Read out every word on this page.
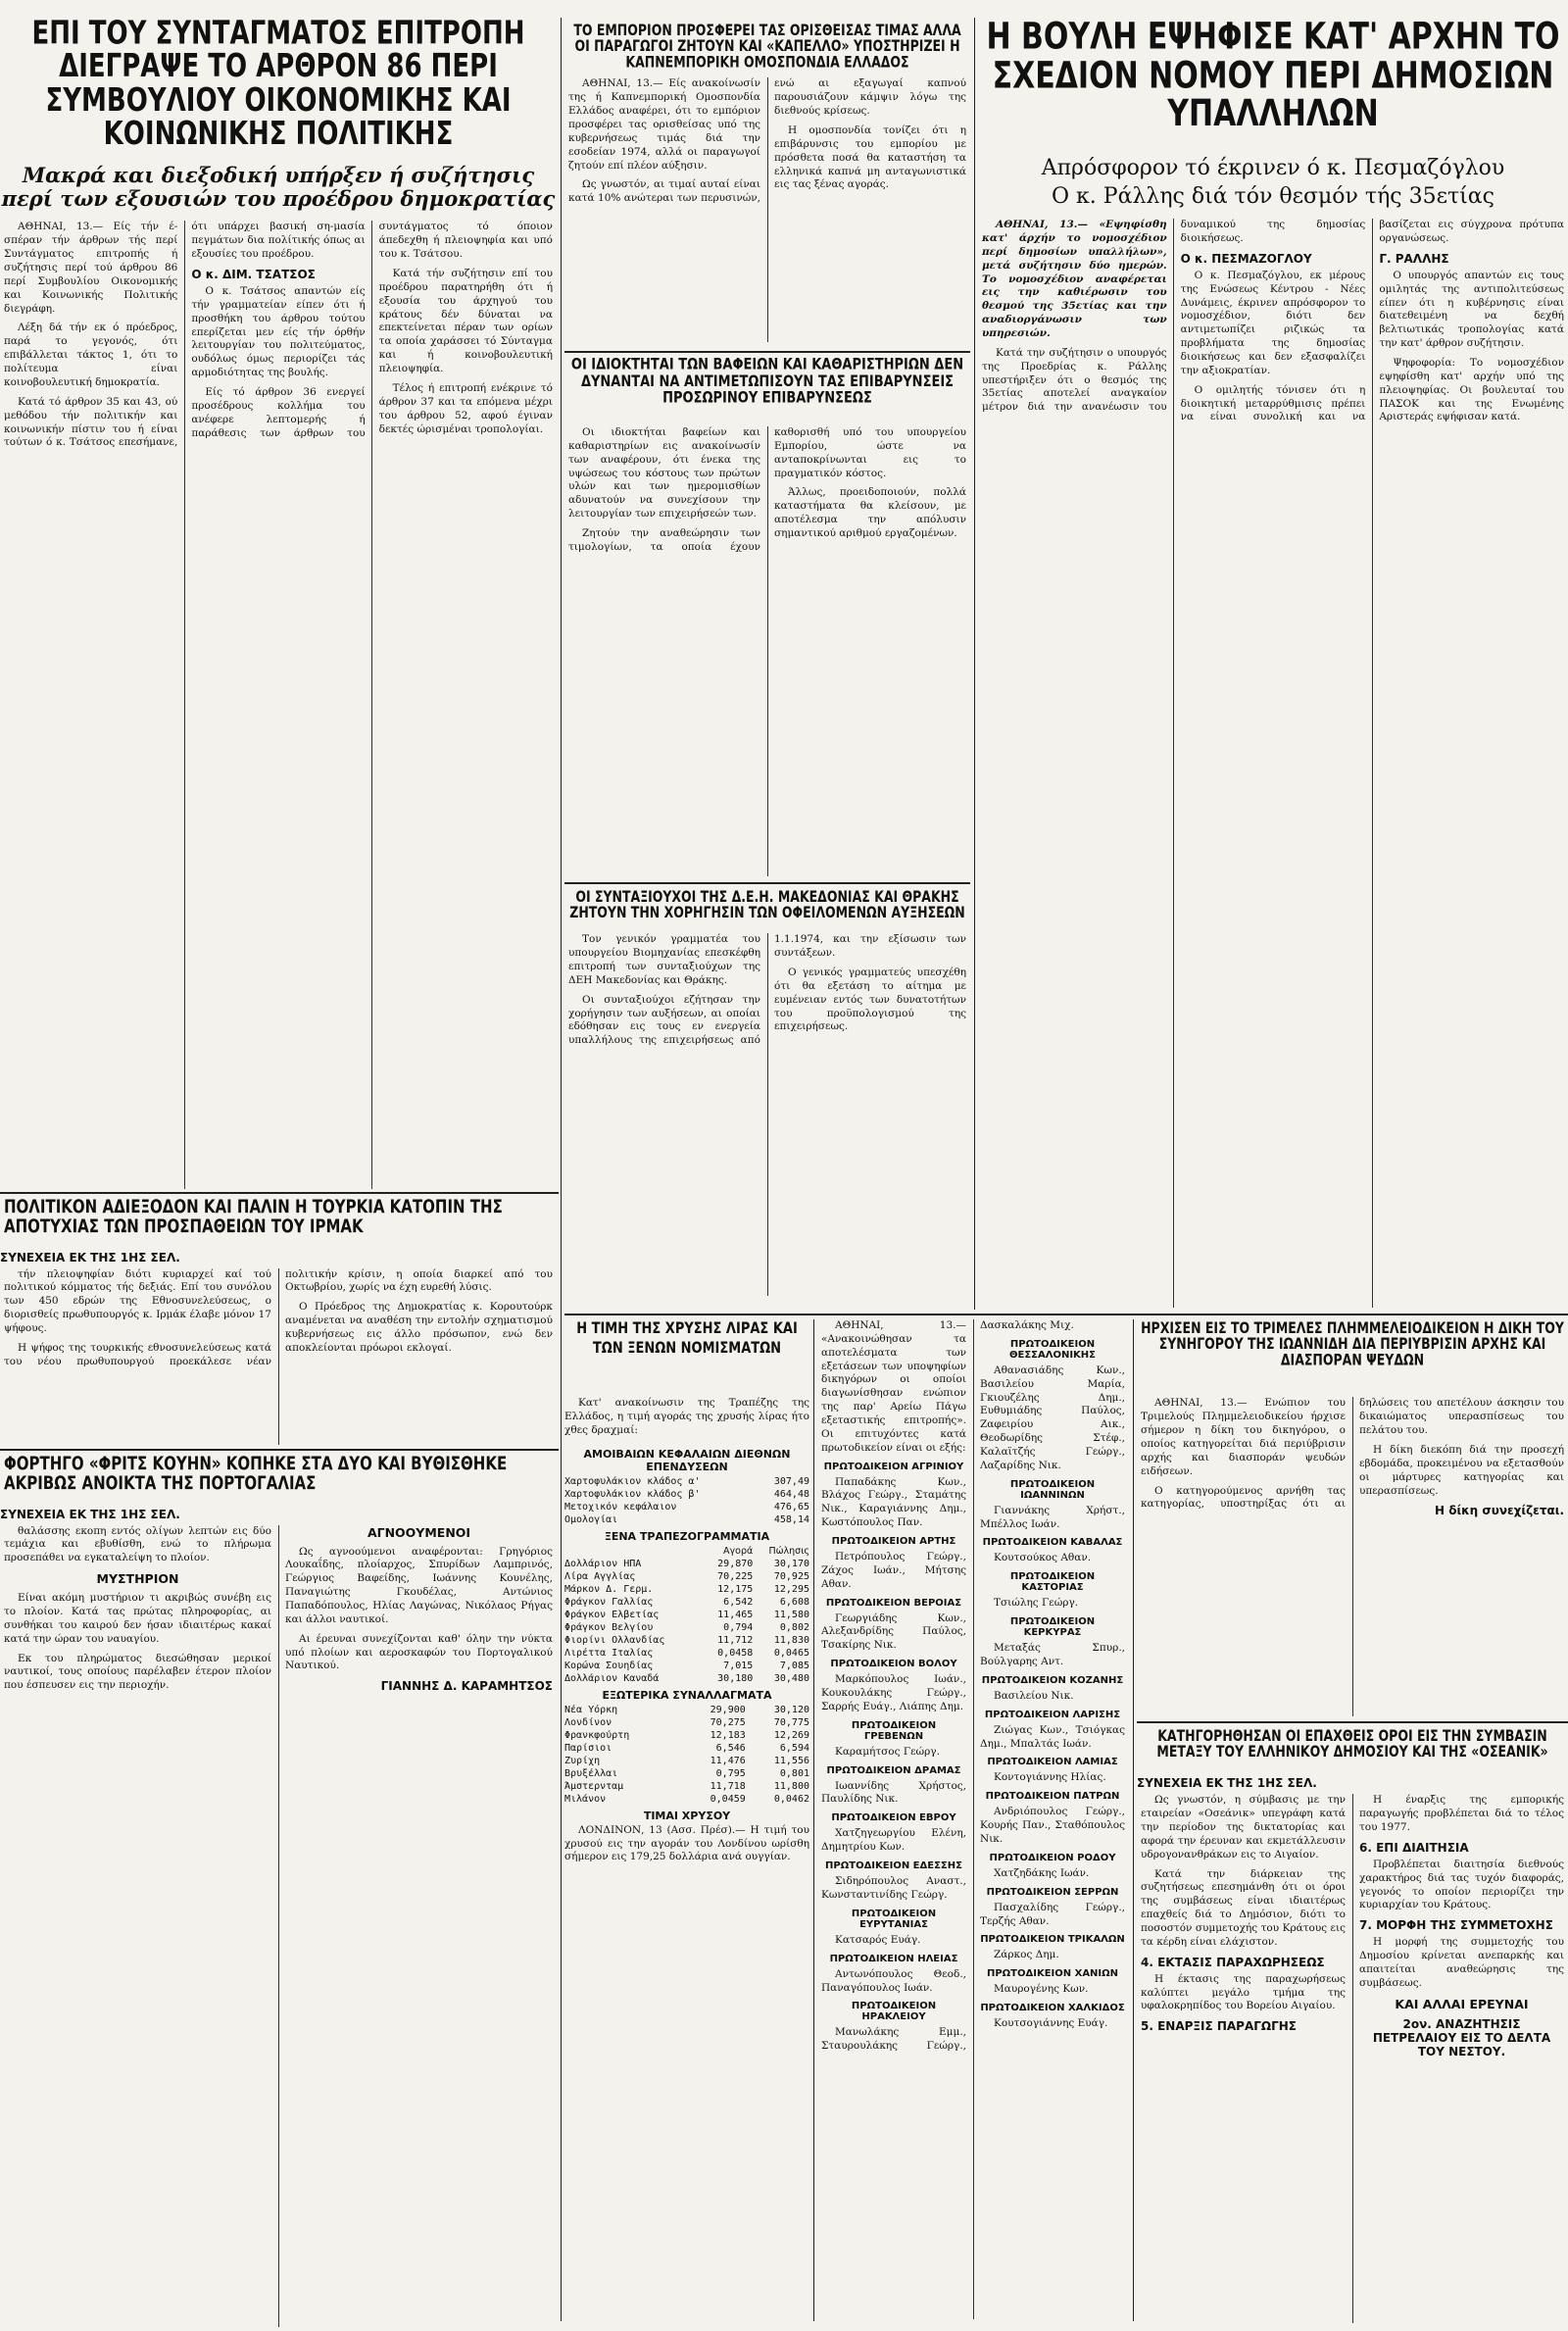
ΕΠΙ ΤΟΥ ΣΥΝΤΑΓΜΑΤΟΣ ΕΠΙΤΡΟΠΗ ΔΙΕΓΡΑΨΕ ΤΟ ΑΡΘΡΟΝ 86 ΠΕΡΙ ΣΥΜΒΟΥΛΙΟΥ ΟΙΚΟΝΟΜΙΚΗΣ ΚΑΙ ΚΟΙΝΩΝΙΚΗΣ ΠΟΛΙΤΙΚΗΣ
Μακρά και διεξοδική υπήρξεν ή συζήτησις περί των εξουσιών του προέδρου δημοκρατίας

ΑΘΗΝΑΙ, 13.— Είς τήν έ-σπέραν τήν άρθρων τής περί Συντάγματος επιτροπής ή συζήτησις περί τού άρθρου 86 περί Συμβουλίου Οικονομικής και Κοινωνικής Πολιτικής διεγράφη.

Λέξη δά τήν εκ ό πρόεδρος, παρά το γεγονός, ότι επιβάλλεται τάκτος 1, ότι το πολίτευμα είναι κοινοβουλευτική δημοκρατία.

Κατά τό άρθρον 35 και 43, ού μεθόδου τήν πολιτικήν και κοινωνικήν πίστιν του ή είναι τούτων ό κ. Τσάτσος επεσήμανε, ότι υπάρχει βασική ση-μασία πεγμάτων δια πολίτικής όπως αι εξουσίες του προέδρου.

Ο κ. ΔΙΜ. ΤΣΑΤΣΟΣ

Ο κ. Τσάτσος απαντών είς τήν γραμματείαν είπεν ότι ή προσθήκη του άρθρου τούτου επερίζεται μεν είς τήν όρθήν λειτουργίαν του πολιτεύματος, ουδόλως όμως περιορίζει τάς αρμοδιότητας της βουλής.

Είς τό άρθρον 36 ενεργεί προσέδρους κολλήμα του ανέφερε λεπτομερής ή παράθεσις των άρθρων του συντάγματος τό όποιον άπεδεχθη ή πλειοψηφία και υπό του κ. Τσάτσου.

Κατά τήν συζήτησιν επί του προέδρου παρατηρήθη ότι ή εξουσία του άρχηγού του κράτους δέν δύναται να επεκτείνεται πέραν των ορίων τα οποία χαράσσει τό Σύνταγμα και ή κοινοβουλευτική πλειοψηφία.

Τέλος ή επιτροπή ενέκρινε τό άρθρον 37 και τα επόμενα μέχρι του άρθρου 52, αφού έγιναν δεκτές ώρισμέναι τροπολογίαι.

ΠΟΛΙΤΙΚΟΝ ΑΔΙΕΞΟΔΟΝ ΚΑΙ ΠΑΛΙΝ Η ΤΟΥΡΚΙΑ ΚΑΤΟΠΙΝ ΤΗΣ ΑΠΟΤΥΧΙΑΣ ΤΩΝ ΠΡΟΣΠΑΘΕΙΩΝ ΤΟΥ ΙΡΜΑΚ
ΣΥΝΕΧΕΙΑ ΕΚ ΤΗΣ 1ΗΣ ΣΕΛ.

τήν πλειοψηφίαν διότι κυριαρχεί καί τού πολιτικού κόμματος τής δεξιάς. Επί του συνόλου των 450 εδρών της Εθνοσυνελεύσεως, ο διορισθείς πρωθυπουργός κ. Ιρμάκ έλαβε μόνον 17 ψήφους.

Η ψήφος της τουρκικής εθνοσυνελεύσεως κατά του νέου πρωθυπουργού προεκάλεσε νέαν πολιτικήν κρίσιν, η οποία διαρκεί από του Οκτωβρίου, χωρίς να έχη ευρεθή λύσις.

Ο Πρόεδρος της Δημοκρατίας κ. Κορουτούρκ αναμένεται να αναθέση την εντολήν σχηματισμού κυβερνήσεως εις άλλο πρόσωπον, ενώ δεν αποκλείονται πρόωροι εκλογαί.

ΦΟΡΤΗΓΟ «ΦΡΙΤΣ ΚΟΥΗΝ» ΚΟΠΗΚΕ ΣΤΑ ΔΥΟ ΚΑΙ ΒΥΘΙΣΘΗΚΕ ΑΚΡΙΒΩΣ ΑΝΟΙΚΤΑ ΤΗΣ ΠΟΡΤΟΓΑΛΙΑΣ
ΣΥΝΕΧΕΙΑ ΕΚ ΤΗΣ 1ΗΣ ΣΕΛ.

θαλάσσης εκοπη εντός ολίγων λεπτών εις δύο τεμάχια και εβυθίσθη, ενώ το πλήρωμα προσεπάθει να εγκαταλείψη το πλοίον.

ΜΥΣΤΗΡΙΟΝ

Είναι ακόμη μυστήριον τι ακριβώς συνέβη εις το πλοίον. Κατά τας πρώτας πληροφορίας, αι συνθήκαι του καιρού δεν ήσαν ιδιαιτέρως κακαί κατά την ώραν του ναυαγίου.

Εκ του πληρώματος διεσώθησαν μερικοί ναυτικοί, τους οποίους παρέλαβεν έτερον πλοίον που έσπευσεν εις την περιοχήν.

ΑΓΝΟΟΥΜΕΝΟΙ

Ως αγνοούμενοι αναφέρονται: Γρηγόριος Λουκαΐδης, πλοίαρχος, Σπυρίδων Λαμπρινός, Γεώργιος Βαφείδης, Ιωάννης Κουνέλης, Παναγιώτης Γκουδέλας, Αντώνιος Παπαδόπουλος, Ηλίας Λαγώνας, Νικόλαος Ρήγας και άλλοι ναυτικοί.

Αι έρευναι συνεχίζονται καθ' όλην την νύκτα υπό πλοίων και αεροσκαφών του Πορτογαλικού Ναυτικού.

ΓΙΑΝΝΗΣ Δ. ΚΑΡΑΜΗΤΣΟΣ
ΤΟ ΕΜΠΟΡΙΟΝ ΠΡΟΣΦΕΡΕΙ ΤΑΣ ΟΡΙΣΘΕΙΣΑΣ ΤΙΜΑΣ ΑΛΛΑ ΟΙ ΠΑΡΑΓΩΓΟΙ ΖΗΤΟΥΝ ΚΑΙ «ΚΑΠΕΛΛΟ» ΥΠΟΣΤΗΡΙΖΕΙ Η ΚΑΠΝΕΜΠΟΡΙΚΗ ΟΜΟΣΠΟΝΔΙΑ ΕΛΛΑΔΟΣ

ΑΘΗΝΑΙ, 13.— Είς ανακοίνωσίν της ή Καπνεμπορική Ομοσπονδία Ελλάδος αναφέρει, ότι το εμπόριον προσφέρει τας ορισθείσας υπό της κυβερνήσεως τιμάς διά την εσοδείαν 1974, αλλά οι παραγωγοί ζητούν επί πλέον αύξησιν.

Ως γνωστόν, αι τιμαί αυταί είναι κατά 10% ανώτεραι των περυσινών, ενώ αι εξαγωγαί καπνού παρουσιάζουν κάμψιν λόγω της διεθνούς κρίσεως.

Η ομοσπονδία τονίζει ότι η επιβάρυνσις του εμπορίου με πρόσθετα ποσά θα καταστήση τα ελληνικά καπνά μη ανταγωνιστικά εις τας ξένας αγοράς.

ΟΙ ΙΔΙΟΚΤΗΤΑΙ ΤΩΝ ΒΑΦΕΙΩΝ ΚΑΙ ΚΑΘΑΡΙΣΤΗΡΙΩΝ ΔΕΝ ΔΥΝΑΝΤΑΙ ΝΑ ΑΝΤΙΜΕΤΩΠΙΣΟΥΝ ΤΑΣ ΕΠΙΒΑΡΥΝΣΕΙΣ ΠΡΟΣΩΡΙΝΟΥ ΕΠΙΒΑΡΥΝΣΕΩΣ

Οι ιδιοκτήται βαφείων και καθαριστηρίων εις ανακοίνωσίν των αναφέρουν, ότι ένεκα της υψώσεως του κόστους των πρώτων υλών και των ημερομισθίων αδυνατούν να συνεχίσουν την λειτουργίαν των επιχειρήσεών των.

Ζητούν την αναθεώρησιν των τιμολογίων, τα οποία έχουν καθορισθή υπό του υπουργείου Εμπορίου, ώστε να ανταποκρίνωνται εις το πραγματικόν κόστος.

Άλλως, προειδοποιούν, πολλά καταστήματα θα κλείσουν, με αποτέλεσμα την απόλυσιν σημαντικού αριθμού εργαζομένων.

ΟΙ ΣΥΝΤΑΞΙΟΥΧΟΙ ΤΗΣ Δ.Ε.Η. ΜΑΚΕΔΟΝΙΑΣ ΚΑΙ ΘΡΑΚΗΣ ΖΗΤΟΥΝ ΤΗΝ ΧΟΡΗΓΗΣΙΝ ΤΩΝ ΟΦΕΙΛΟΜΕΝΩΝ ΑΥΞΗΣΕΩΝ

Τον γενικόν γραμματέα του υπουργείου Βιομηχανίας επεσκέφθη επιτροπή των συνταξιούχων της ΔΕΗ Μακεδονίας και Θράκης.

Οι συνταξιούχοι εζήτησαν την χορήγησιν των αυξήσεων, αι οποίαι εδόθησαν εις τους εν ενεργεία υπαλλήλους της επιχειρήσεως από 1.1.1974, και την εξίσωσιν των συντάξεων.

Ο γενικός γραμματεύς υπεσχέθη ότι θα εξετάση το αίτημα με ευμένειαν εντός των δυνατοτήτων του προϋπολογισμού της επιχειρήσεως.

Η ΤΙΜΗ ΤΗΣ ΧΡΥΣΗΣ ΛΙΡΑΣ ΚΑΙ ΤΩΝ ΞΕΝΩΝ ΝΟΜΙΣΜΑΤΩΝ

Κατ' ανακοίνωσιν της Τραπέζης της Ελλάδος, η τιμή αγοράς της χρυσής λίρας ήτο χθες δραχμαί:

ΑΜΟΙΒΑΙΩΝ ΚΕΦΑΛΑΙΩΝ ΔΙΕΘΝΩΝ ΕΠΕΝΔΥΣΕΩΝ
Χαρτοφυλάκιον κλάδος α'	307,49
Χαρτοφυλάκιον κλάδος β'	464,48
Μετοχικόν κεφάλαιον	476,65
Ομολογίαι	458,14
ΞΕΝΑ ΤΡΑΠΕΖΟΓΡΑΜΜΑΤΙΑ
	Αγορά	Πώλησις
Δολλάριον ΗΠΑ	29,870	30,170
Λίρα Αγγλίας	70,225	70,925
Μάρκον Δ. Γερμ.	12,175	12,295
Φράγκον Γαλλίας	6,542	6,608
Φράγκον Ελβετίας	11,465	11,580
Φράγκον Βελγίου	0,794	0,802
Φιορίνι Ολλανδίας	11,712	11,830
Λιρέττα Ιταλίας	0,0458	0,0465
Κορώνα Σουηδίας	7,015	7,085
Δολλάριον Καναδά	30,180	30,480
ΕΞΩΤΕΡΙΚΑ ΣΥΝΑΛΛΑΓΜΑΤΑ
Νέα Υόρκη	29,900	30,120
Λονδίνον	70,275	70,775
Φρανκφούρτη	12,183	12,269
Παρίσιοι	6,546	6,594
Ζυρίχη	11,476	11,556
Βρυξέλλαι	0,795	0,801
Άμστερνταμ	11,718	11,800
Μιλάνον	0,0459	0,0462
ΤΙΜΑΙ ΧΡΥΣΟΥ

ΛΟΝΔΙΝΟΝ, 13 (Ασσ. Πρέσ).— Η τιμή του χρυσού εις την αγοράν του Λονδίνου ωρίσθη σήμερον εις 179,25 δολλάρια ανά ουγγίαν.

ΑΘΗΝΑΙ, 13.— «Ανακοινώθησαν τα αποτελέσματα των εξετάσεων των υποψηφίων δικηγόρων οι οποίοι διαγωνίσθησαν ενώπιον της παρ' Αρείω Πάγω εξεταστικής επιτροπής». Οι επιτυχόντες κατά πρωτοδικείον είναι οι εξής:

ΠΡΩΤΟΔΙΚΕΙΟΝ ΑΓΡΙΝΙΟΥ

Παπαδάκης Κων., Βλάχος Γεώργ., Σταμάτης Νικ., Καραγιάννης Δημ., Κωστόπουλος Παν.

ΠΡΩΤΟΔΙΚΕΙΟΝ ΑΡΤΗΣ

Πετρόπουλος Γεώργ., Ζάχος Ιωάν., Μήτσης Αθαν.

ΠΡΩΤΟΔΙΚΕΙΟΝ ΒΕΡΟΙΑΣ

Γεωργιάδης Κων., Αλεξανδρίδης Παύλος, Τσακίρης Νικ.

ΠΡΩΤΟΔΙΚΕΙΟΝ ΒΟΛΟΥ

Μαρκόπουλος Ιωάν., Κουκουλάκης Γεώργ., Σαρρής Ευάγ., Λιάπης Δημ.

ΠΡΩΤΟΔΙΚΕΙΟΝ ΓΡΕΒΕΝΩΝ

Καραμήτσος Γεώργ.

ΠΡΩΤΟΔΙΚΕΙΟΝ ΔΡΑΜΑΣ

Ιωαννίδης Χρήστος, Παυλίδης Νικ.

ΠΡΩΤΟΔΙΚΕΙΟΝ ΕΒΡΟΥ

Χατζηγεωργίου Ελένη, Δημητρίου Κων.

ΠΡΩΤΟΔΙΚΕΙΟΝ ΕΔΕΣΣΗΣ

Σιδηρόπουλος Αναστ., Κωνσταντινίδης Γεώργ.

ΠΡΩΤΟΔΙΚΕΙΟΝ ΕΥΡΥΤΑΝΙΑΣ

Κατσαρός Ευάγ.

ΠΡΩΤΟΔΙΚΕΙΟΝ ΗΛΕΙΑΣ

Αντωνόπουλος Θεοδ., Παναγόπουλος Ιωάν.

ΠΡΩΤΟΔΙΚΕΙΟΝ ΗΡΑΚΛΕΙΟΥ

Μανωλάκης Εμμ., Σταυρουλάκης Γεώργ., Δασκαλάκης Μιχ.

ΠΡΩΤΟΔΙΚΕΙΟΝ ΘΕΣΣΑΛΟΝΙΚΗΣ

Αθανασιάδης Κων., Βασιλείου Μαρία, Γκιουζέλης Δημ., Ευθυμιάδης Παύλος, Ζαφειρίου Αικ., Θεοδωρίδης Στέφ., Καλαϊτζής Γεώργ., Λαζαρίδης Νικ.

ΠΡΩΤΟΔΙΚΕΙΟΝ ΙΩΑΝΝΙΝΩΝ

Γιαννάκης Χρήστ., Μπέλλος Ιωάν.

ΠΡΩΤΟΔΙΚΕΙΟΝ ΚΑΒΑΛΑΣ

Κουτσούκος Αθαν.

ΠΡΩΤΟΔΙΚΕΙΟΝ ΚΑΣΤΟΡΙΑΣ

Τσιώλης Γεώργ.

ΠΡΩΤΟΔΙΚΕΙΟΝ ΚΕΡΚΥΡΑΣ

Μεταξάς Σπυρ., Βούλγαρης Αντ.

ΠΡΩΤΟΔΙΚΕΙΟΝ ΚΟΖΑΝΗΣ

Βασιλείου Νικ.

ΠΡΩΤΟΔΙΚΕΙΟΝ ΛΑΡΙΣΗΣ

Ζιώγας Κων., Τσιόγκας Δημ., Μπαλτάς Ιωάν.

ΠΡΩΤΟΔΙΚΕΙΟΝ ΛΑΜΙΑΣ

Κοντογιάννης Ηλίας.

ΠΡΩΤΟΔΙΚΕΙΟΝ ΠΑΤΡΩΝ

Ανδριόπουλος Γεώργ., Κουρής Παν., Σταθόπουλος Νικ.

ΠΡΩΤΟΔΙΚΕΙΟΝ ΡΟΔΟΥ

Χατζηδάκης Ιωάν.

ΠΡΩΤΟΔΙΚΕΙΟΝ ΣΕΡΡΩΝ

Πασχαλίδης Γεώργ., Τερζής Αθαν.

ΠΡΩΤΟΔΙΚΕΙΟΝ ΤΡΙΚΑΛΩΝ

Ζάρκος Δημ.

ΠΡΩΤΟΔΙΚΕΙΟΝ ΧΑΝΙΩΝ

Μαυρογένης Κων.

ΠΡΩΤΟΔΙΚΕΙΟΝ ΧΑΛΚΙΔΟΣ

Κουτσογιάννης Ευάγ.

Η ΒΟΥΛΗ ΕΨΗΦΙΣΕ ΚΑΤ' ΑΡΧΗΝ ΤΟ ΣΧΕΔΙΟΝ ΝΟΜΟΥ ΠΕΡΙ ΔΗΜΟΣΙΩΝ ΥΠΑΛΛΗΛΩΝ
Απρόσφορον τό έκρινεν ό κ. Πεσμαζόγλου
Ο κ. Ράλλης διά τόν θεσμόν τής 35ετίας

ΑΘΗΝΑΙ, 13.— «Εψηφίσθη κατ' άρχήν το νομοσχέδιον περί δημοσίων υπαλλήλων», μετά συζήτησιν δύο ημερών. Το νομοσχέδιον αναφέρεται εις την καθιέρωσιν του θεσμού της 35ετίας και την αναδιοργάνωσιν των υπηρεσιών.

Κατά την συζήτησιν ο υπουργός της Προεδρίας κ. Ράλλης υπεστήριξεν ότι ο θεσμός της 35ετίας αποτελεί αναγκαίον μέτρον διά την ανανέωσιν του δυναμικού της δημοσίας διοικήσεως.

Ο κ. ΠΕΣΜΑΖΟΓΛΟΥ

Ο κ. Πεσμαζόγλου, εκ μέρους της Ενώσεως Κέντρου - Νέες Δυνάμεις, έκρινεν απρόσφορον το νομοσχέδιον, διότι δεν αντιμετωπίζει ριζικώς τα προβλήματα της δημοσίας διοικήσεως και δεν εξασφαλίζει την αξιοκρατίαν.

Ο ομιλητής τόνισεν ότι η διοικητική μεταρρύθμισις πρέπει να είναι συνολική και να βασίζεται εις σύγχρονα πρότυπα οργανώσεως.

Γ. ΡΑΛΛΗΣ

Ο υπουργός απαντών εις τους ομιλητάς της αντιπολιτεύσεως είπεν ότι η κυβέρνησις είναι διατεθειμένη να δεχθή βελτιωτικάς τροπολογίας κατά την κατ' άρθρον συζήτησιν.

Ψηφοφορία: Το νομοσχέδιον εψηφίσθη κατ' αρχήν υπό της πλειοψηφίας. Οι βουλευταί του ΠΑΣΟΚ και της Ενωμένης Αριστεράς εψήφισαν κατά.

ΗΡΧΙΣΕΝ ΕΙΣ ΤΟ ΤΡΙΜΕΛΕΣ ΠΛΗΜΜΕΛΕΙΟΔΙΚΕΙΟΝ Η ΔΙΚΗ ΤΟΥ ΣΥΝΗΓΟΡΟΥ ΤΗΣ ΙΩΑΝΝΙΔΗ ΔΙΑ ΠΕΡΙΥΒΡΙΣΙΝ ΑΡΧΗΣ ΚΑΙ ΔΙΑΣΠΟΡΑΝ ΨΕΥΔΩΝ

ΑΘΗΝΑΙ, 13.— Ενώπιον του Τριμελούς Πλημμελειοδικείου ήρχισε σήμερον η δίκη του δικηγόρου, ο οποίος κατηγορείται διά περιύβρισιν αρχής και διασποράν ψευδών ειδήσεων.

Ο κατηγορούμενος αρνήθη τας κατηγορίας, υποστηρίξας ότι αι δηλώσεις του απετέλουν άσκησιν του δικαιώματος υπερασπίσεως του πελάτου του.

Η δίκη διεκόπη διά την προσεχή εβδομάδα, προκειμένου να εξετασθούν οι μάρτυρες κατηγορίας και υπερασπίσεως.

Η δίκη συνεχίζεται.
ΚΑΤΗΓΟΡΗΘΗΣΑΝ ΟΙ ΕΠΑΧΘΕΙΣ ΟΡΟΙ ΕΙΣ ΤΗΝ ΣΥΜΒΑΣΙΝ ΜΕΤΑΞΥ ΤΟΥ ΕΛΛΗΝΙΚΟΥ ΔΗΜΟΣΙΟΥ ΚΑΙ ΤΗΣ «ΟΣΕΑΝΙΚ»
ΣΥΝΕΧΕΙΑ ΕΚ ΤΗΣ 1ΗΣ ΣΕΛ.

Ως γνωστόν, η σύμβασις με την εταιρείαν «Οσεάνικ» υπεγράφη κατά την περίοδον της δικτατορίας και αφορά την έρευναν και εκμετάλλευσιν υδρογονανθράκων εις το Αιγαίον.

Κατά την διάρκειαν της συζητήσεως επεσημάνθη ότι οι όροι της συμβάσεως είναι ιδιαιτέρως επαχθείς διά το Δημόσιον, διότι το ποσοστόν συμμετοχής του Κράτους εις τα κέρδη είναι ελάχιστον.

4. ΕΚΤΑΣΙΣ ΠΑΡΑΧΩΡΗΣΕΩΣ

Η έκτασις της παραχωρήσεως καλύπτει μεγάλο τμήμα της υφαλοκρηπίδος του Βορείου Αιγαίου.

5. ΕΝΑΡΞΙΣ ΠΑΡΑΓΩΓΗΣ

Η έναρξις της εμπορικής παραγωγής προβλέπεται διά το τέλος του 1977.

6. ΕΠΙ ΔΙΑΙΤΗΣΙΑ

Προβλέπεται διαιτησία διεθνούς χαρακτήρος διά τας τυχόν διαφοράς, γεγονός το οποίον περιορίζει την κυριαρχίαν του Κράτους.

7. ΜΟΡΦΗ ΤΗΣ ΣΥΜΜΕΤΟΧΗΣ

Η μορφή της συμμετοχής του Δημοσίου κρίνεται ανεπαρκής και απαιτείται αναθεώρησις της συμβάσεως.

ΚΑΙ ΑΛΛΑΙ ΕΡΕΥΝΑΙ
2ον. ΑΝΑΖΗΤΗΣΙΣ ΠΕΤΡΕΛΑΙΟΥ ΕΙΣ ΤΟ ΔΕΛΤΑ ΤΟΥ ΝΕΣΤΟΥ.
